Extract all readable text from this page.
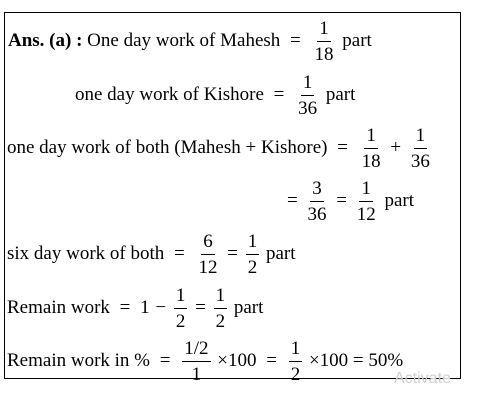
Ans. (a) : One day work of Mahesh = $\frac{1}{18}$ part
one day work of Kishore = $\frac{1}{36}$ part
one day work of both (Mahesh + Kishore) = $\frac{1}{18} + \frac{1}{36}$
= $\frac{3}{36} = \frac{1}{12}$ part
six day work of both = $\frac{6}{12} = \frac{1}{2}$ part
Remain work = $1 - \frac{1}{2} = \frac{1}{2}$ part
Remain work in % = $\frac{1/2}{1} \times 100 = \frac{1}{2} \times 100 = 50\%$
Activate
